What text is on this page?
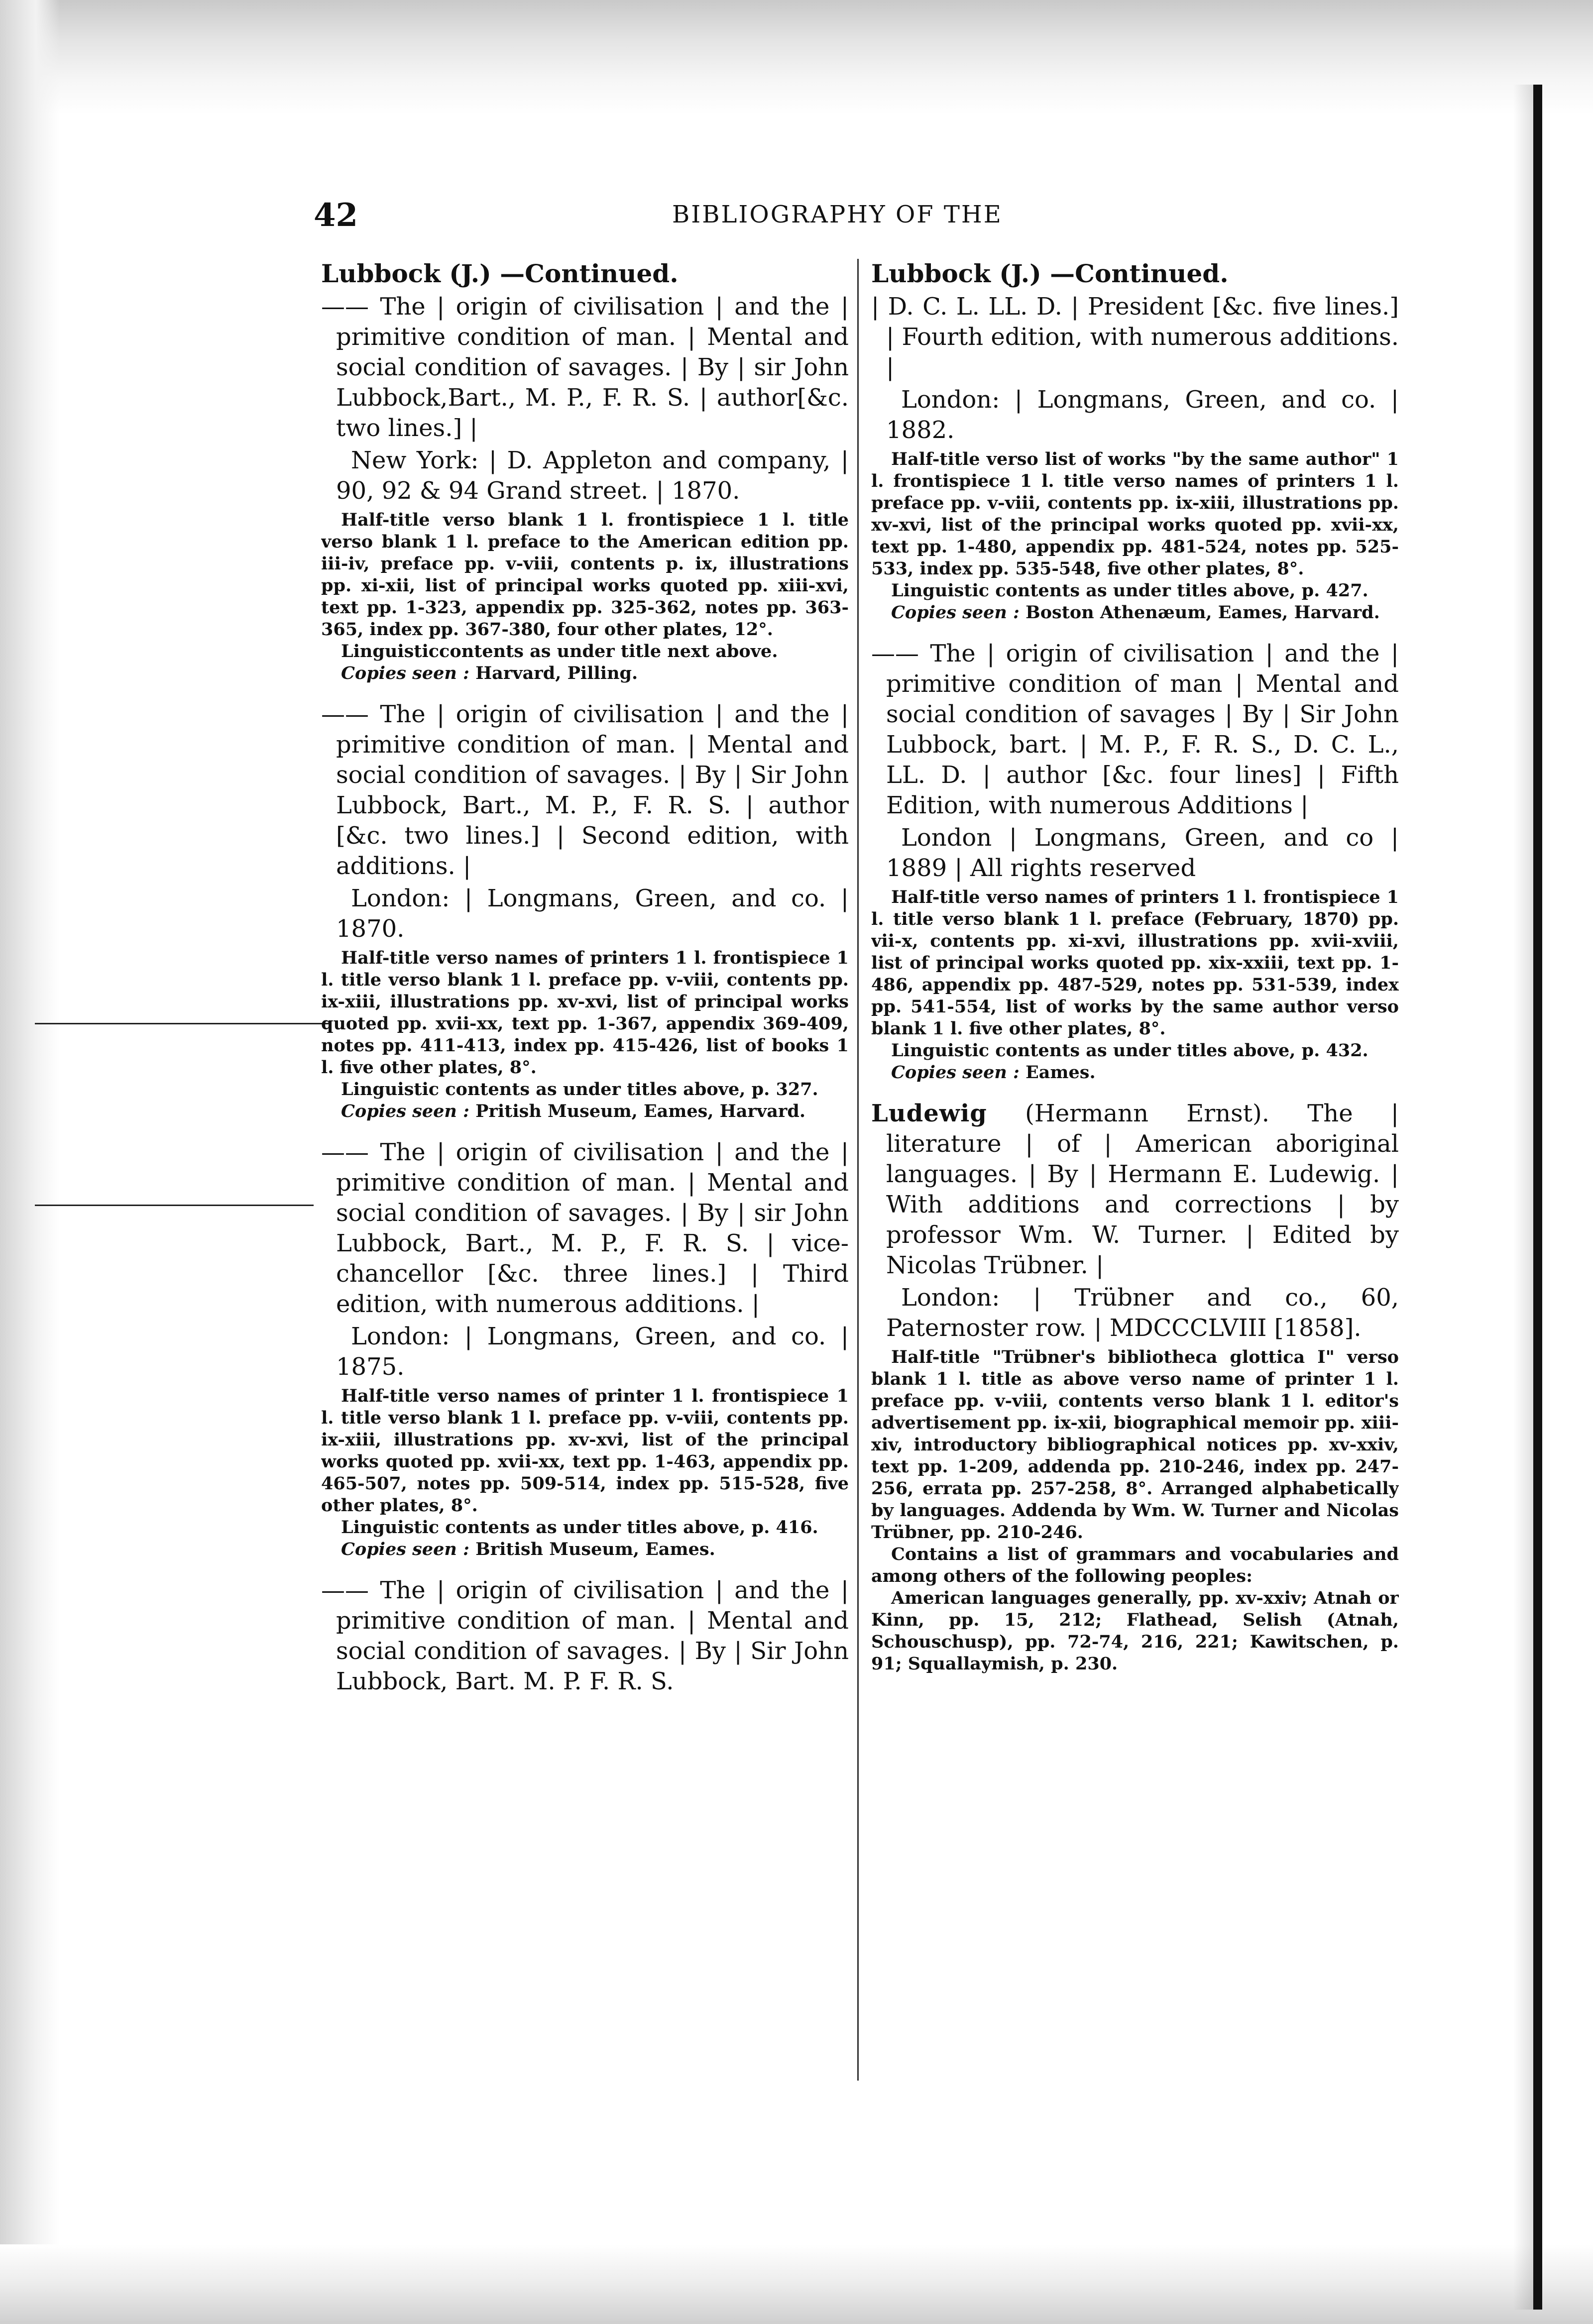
42	BIBLIOGRAPHY OF THE

Lubbock (J.) —Continued.

—— The | origin of civilisation | and the | primitive condition of man. | Mental and social condition of savages. | By | sir John Lubbock,Bart., M. P., F. R. S. | author[&c. two lines.] |

New York: | D. Appleton and company, | 90, 92 & 94 Grand street. | 1870.

Half-title verso blank 1 l. frontispiece 1 l. title verso blank 1 l. preface to the American edition pp. iii-iv, preface pp. v-viii, contents p. ix, illustrations pp. xi-xii, list of principal works quoted pp. xiii-xvi, text pp. 1-323, appendix pp. 325-362, notes pp. 363-365, index pp. 367-380, four other plates, 12°.

Linguisticcontents as under title next above.

Copies seen : Harvard, Pilling.

—— The | origin of civilisation | and the | primitive condition of man. | Mental and social condition of savages. | By | Sir John Lubbock, Bart., M. P., F. R. S. | author [&c. two lines.] | Second edition, with additions. |

London: | Longmans, Green, and co. | 1870.

Half-title verso names of printers 1 l. frontispiece 1 l. title verso blank 1 l. preface pp. v-viii, contents pp. ix-xiii, illustrations pp. xv-xvi, list of principal works quoted pp. xvii-xx, text pp. 1-367, appendix 369-409, notes pp. 411-413, index pp. 415-426, list of books 1 l. five other plates, 8°.

Linguistic contents as under titles above, p. 327.

Copies seen : Pritish Museum, Eames, Harvard.

—— The | origin of civilisation | and the | primitive condition of man. | Mental and social condition of savages. | By | sir John Lubbock, Bart., M. P., F. R. S. | vice-chancellor [&c. three lines.] | Third edition, with numerous additions. |

London: | Longmans, Green, and co. | 1875.

Half-title verso names of printer 1 l. frontispiece 1 l. title verso blank 1 l. preface pp. v-viii, contents pp. ix-xiii, illustrations pp. xv-xvi, list of the principal works quoted pp. xvii-xx, text pp. 1-463, appendix pp. 465-507, notes pp. 509-514, index pp. 515-528, five other plates, 8°.

Linguistic contents as under titles above, p. 416.

Copies seen : British Museum, Eames.

—— The | origin of civilisation | and the | primitive condition of man. | Mental and social condition of savages. | By | Sir John Lubbock, Bart. M. P. F. R. S.

Lubbock (J.) —Continued.

| D. C. L. LL. D. | President [&c. five lines.] | Fourth edition, with numerous additions. |

London: | Longmans, Green, and co. | 1882.

Half-title verso list of works "by the same author" 1 l. frontispiece 1 l. title verso names of printers 1 l. preface pp. v-viii, contents pp. ix-xiii, illustrations pp. xv-xvi, list of the principal works quoted pp. xvii-xx, text pp. 1-480, appendix pp. 481-524, notes pp. 525-533, index pp. 535-548, five other plates, 8°.

Linguistic contents as under titles above, p. 427.

Copies seen : Boston Athenæum, Eames, Harvard.

—— The | origin of civilisation | and the | primitive condition of man | Mental and social condition of savages | By | Sir John Lubbock, bart. | M. P., F. R. S., D. C. L., LL. D. | author [&c. four lines] | Fifth Edition, with numerous Additions |

London | Longmans, Green, and co | 1889 | All rights reserved

Half-title verso names of printers 1 l. frontispiece 1 l. title verso blank 1 l. preface (February, 1870) pp. vii-x, contents pp. xi-xvi, illustrations pp. xvii-xviii, list of principal works quoted pp. xix-xxiii, text pp. 1-486, appendix pp. 487-529, notes pp. 531-539, index pp. 541-554, list of works by the same author verso blank 1 l. five other plates, 8°.

Linguistic contents as under titles above, p. 432.

Copies seen : Eames.

Ludewig (Hermann Ernst). The | literature | of | American aboriginal languages. | By | Hermann E. Ludewig. | With additions and corrections | by professor Wm. W. Turner. | Edited by Nicolas Trübner. |

London: | Trübner and co., 60, Paternoster row. | MDCCCLVIII [1858].

Half-title "Trübner's bibliotheca glottica I" verso blank 1 l. title as above verso name of printer 1 l. preface pp. v-viii, contents verso blank 1 l. editor's advertisement pp. ix-xii, biographical memoir pp. xiii-xiv, introductory bibliographical notices pp. xv-xxiv, text pp. 1-209, addenda pp. 210-246, index pp. 247-256, errata pp. 257-258, 8°. Arranged alphabetically by languages. Addenda by Wm. W. Turner and Nicolas Trübner, pp. 210-246.

Contains a list of grammars and vocabularies and among others of the following peoples:

American languages generally, pp. xv-xxiv; Atnah or Kinn, pp. 15, 212; Flathead, Selish (Atnah, Schouschusp), pp. 72-74, 216, 221; Kawitschen, p. 91; Squallaymish, p. 230.
